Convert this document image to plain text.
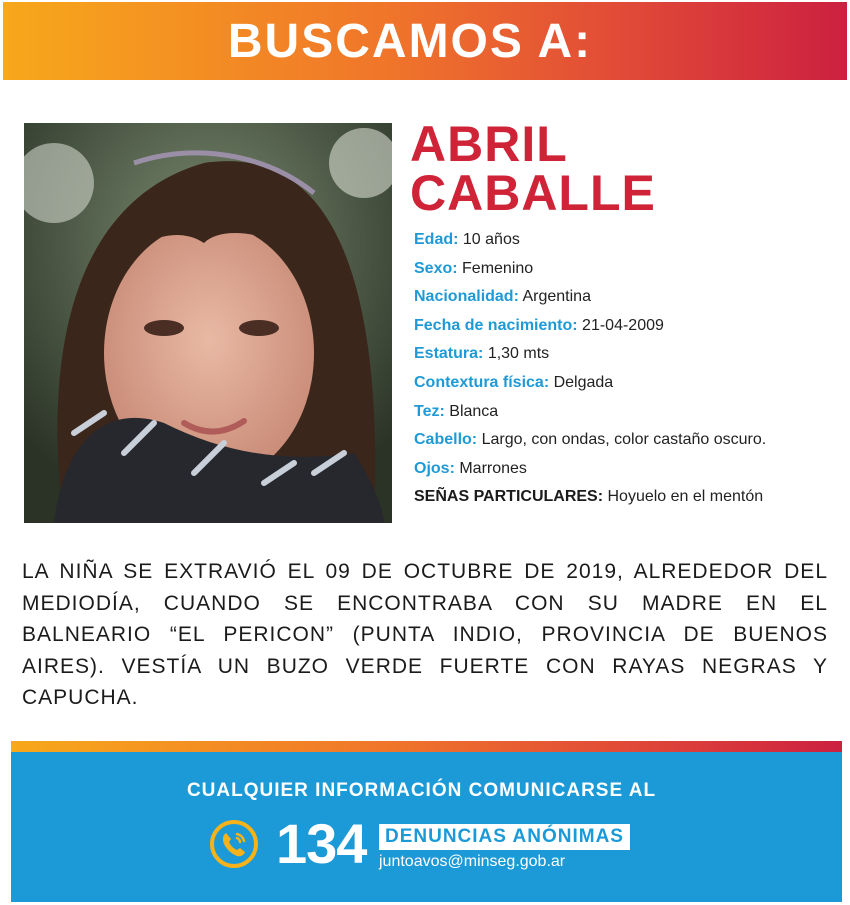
BUSCAMOS A:
ABRIL
CABALLE
Edad: 10 años
Sexo: Femenino
Nacionalidad: Argentina
Fecha de nacimiento: 21-04-2009
Estatura: 1,30 mts
Contextura física: Delgada
Tez: Blanca
Cabello: Largo, con ondas, color castaño oscuro.
Ojos: Marrones
SEÑAS PARTICULARES: Hoyuelo en el mentón
LA NIÑA SE EXTRAVIÓ EL 09 DE OCTUBRE DE 2019, ALREDEDOR DEL MEDIODÍA, CUANDO SE ENCONTRABA CON SU MADRE EN EL BALNEARIO “EL PERICON” (PUNTA INDIO, PROVINCIA DE BUENOS AIRES). VESTÍA UN BUZO VERDE FUERTE CON RAYAS NEGRAS Y CAPUCHA.
CUALQUIER INFORMACIÓN COMUNICARSE AL
134 DENUNCIAS ANÓNIMAS
juntoavos@minseg.gob.ar
